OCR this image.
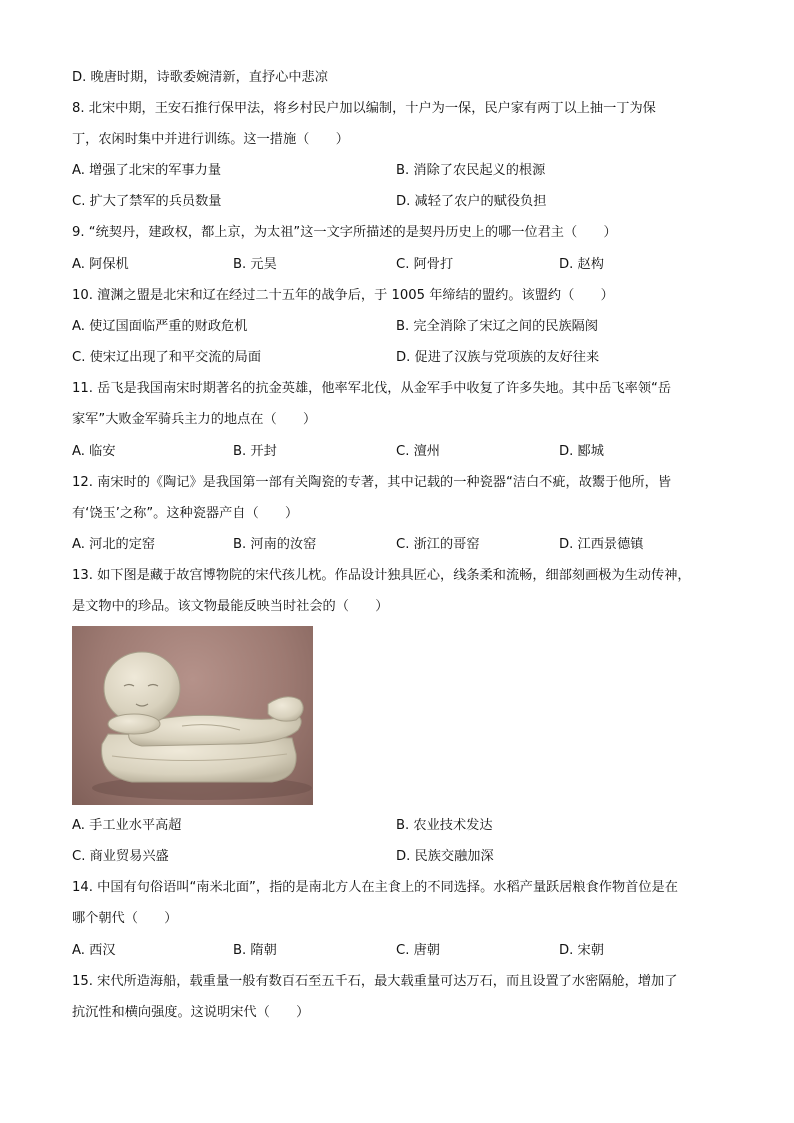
D. 晚唐时期，诗歌委婉清新，直抒心中悲凉
8. 北宋中期，王安石推行保甲法，将乡村民户加以编制，十户为一保，民户家有两丁以上抽一丁为保
丁，农闲时集中并进行训练。这一措施（　　）
A. 增强了北宋的军事力量	B. 消除了农民起义的根源
C. 扩大了禁军的兵员数量	D. 减轻了农户的赋役负担
9. “统契丹，建政权，都上京，为太祖”这一文字所描述的是契丹历史上的哪一位君主（　　）
A. 阿保机	B. 元昊	C. 阿骨打	D. 赵构
10. 澶渊之盟是北宋和辽在经过二十五年的战争后，于 1005 年缔结的盟约。该盟约（　　）
A. 使辽国面临严重的财政危机	B. 完全消除了宋辽之间的民族隔阂
C. 使宋辽出现了和平交流的局面	D. 促进了汉族与党项族的友好往来
11. 岳飞是我国南宋时期著名的抗金英雄，他率军北伐，从金军手中收复了许多失地。其中岳飞率领“岳
家军”大败金军骑兵主力的地点在（　　）
A. 临安	B. 开封	C. 澶州	D. 郾城
12. 南宋时的《陶记》是我国第一部有关陶瓷的专著，其中记载的一种瓷器“洁白不疵，故鬻于他所，皆
有‘饶玉’之称”。这种瓷器产自（　　）
A. 河北的定窑	B. 河南的汝窑	C. 浙江的哥窑	D. 江西景德镇
13. 如下图是藏于故宫博物院的宋代孩儿枕。作品设计独具匠心，线条柔和流畅，细部刻画极为生动传神，
是文物中的珍品。该文物最能反映当时社会的（　　）
A. 手工业水平高超	B. 农业技术发达
C. 商业贸易兴盛	D. 民族交融加深
14. 中国有句俗语叫“南米北面”，指的是南北方人在主食上的不同选择。水稻产量跃居粮食作物首位是在
哪个朝代（　　）
A. 西汉	B. 隋朝	C. 唐朝	D. 宋朝
15. 宋代所造海船，载重量一般有数百石至五千石，最大载重量可达万石，而且设置了水密隔舱，增加了
抗沉性和横向强度。这说明宋代（　　）
